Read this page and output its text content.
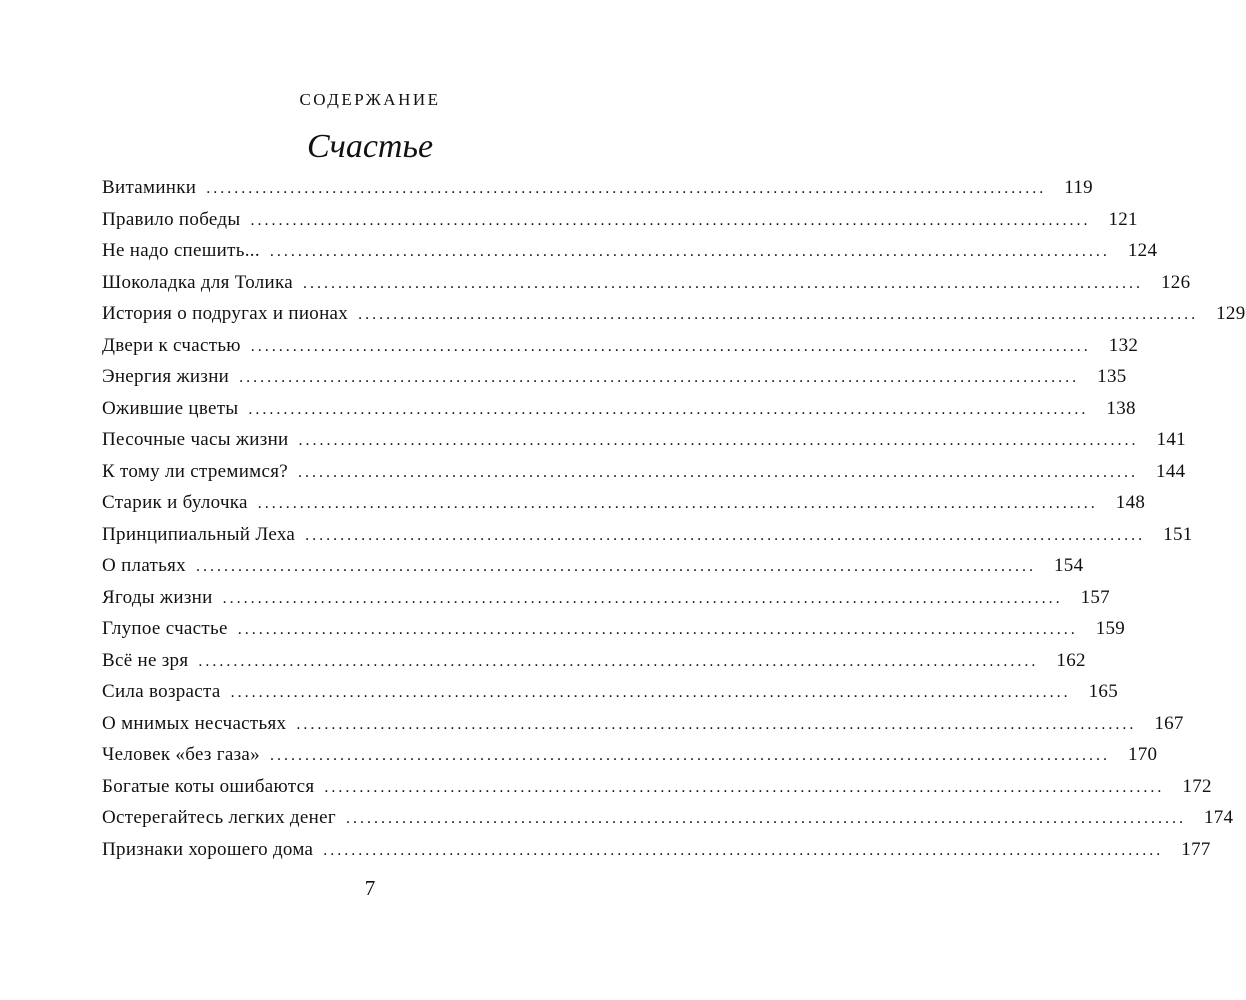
СОДЕРЖАНИЕ
Счастье
Витаминки ........................................................................................................................ 119
Правило победы ........................................................................................................................ 121
Не надо спешить... ........................................................................................................................ 124
Шоколадка для Толика ........................................................................................................................ 126
История о подругах и пионах ........................................................................................................................ 129
Двери к счастью ........................................................................................................................ 132
Энергия жизни ........................................................................................................................ 135
Ожившие цветы ........................................................................................................................ 138
Песочные часы жизни ........................................................................................................................ 141
К тому ли стремимся? ........................................................................................................................ 144
Старик и булочка ........................................................................................................................ 148
Принципиальный Леха ........................................................................................................................ 151
О платьях ........................................................................................................................ 154
Ягоды жизни ........................................................................................................................ 157
Глупое счастье ........................................................................................................................ 159
Всё не зря ........................................................................................................................ 162
Сила возраста ........................................................................................................................ 165
О мнимых несчастьях ........................................................................................................................ 167
Человек «без газа» ........................................................................................................................ 170
Богатые коты ошибаются ........................................................................................................................ 172
Остерегайтесь легких денег ........................................................................................................................ 174
Признаки хорошего дома ........................................................................................................................ 177
7
